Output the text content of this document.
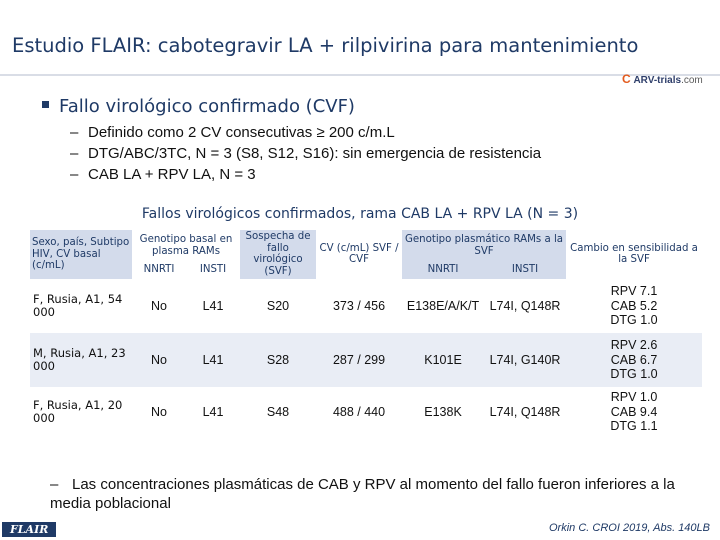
Estudio FLAIR: cabotegravir LA + rilpivirina para mantenimiento
C ARV-trials.com
Fallo virológico confirmado (CVF)
– Definido como 2 CV consecutivas ≥ 200 c/m.L
– DTG/ABC/3TC, N = 3 (S8, S12, S16): sin emergencia de resistencia
– CAB LA + RPV LA, N = 3
Fallos virológicos confirmados, rama CAB LA + RPV LA (N = 3)
Sexo, país, Subtipo HIV, CV basal (c/mL)	Genotipo basal en plasma RAMs		Sospecha de fallo virológico (SVF)	CV (c/mL) SVF / CVF	Genotipo plasmático RAMs a la SVF		Cambio en sensibilidad a la SVF
	NNRTI	INSTI			NNRTI	INSTI	
F, Rusia, A1, 54 000	No	L41	S20	373 / 456	E138E/A/K/T	L74I, Q148R	RPV 7.1
CAB 5.2
DTG 1.0
M, Rusia, A1, 23 000	No	L41	S28	287 / 299	K101E	L74I, G140R	RPV 2.6
CAB 6.7
DTG 1.0
F, Rusia, A1, 20 000	No	L41	S48	488 / 440	E138K	L74I, Q148R	RPV 1.0
CAB 9.4
DTG 1.1
– Las concentraciones plasmáticas de CAB y RPV al momento del fallo fueron inferiores a la media poblacional
FLAIR	Orkin C. CROI 2019, Abs. 140LB
